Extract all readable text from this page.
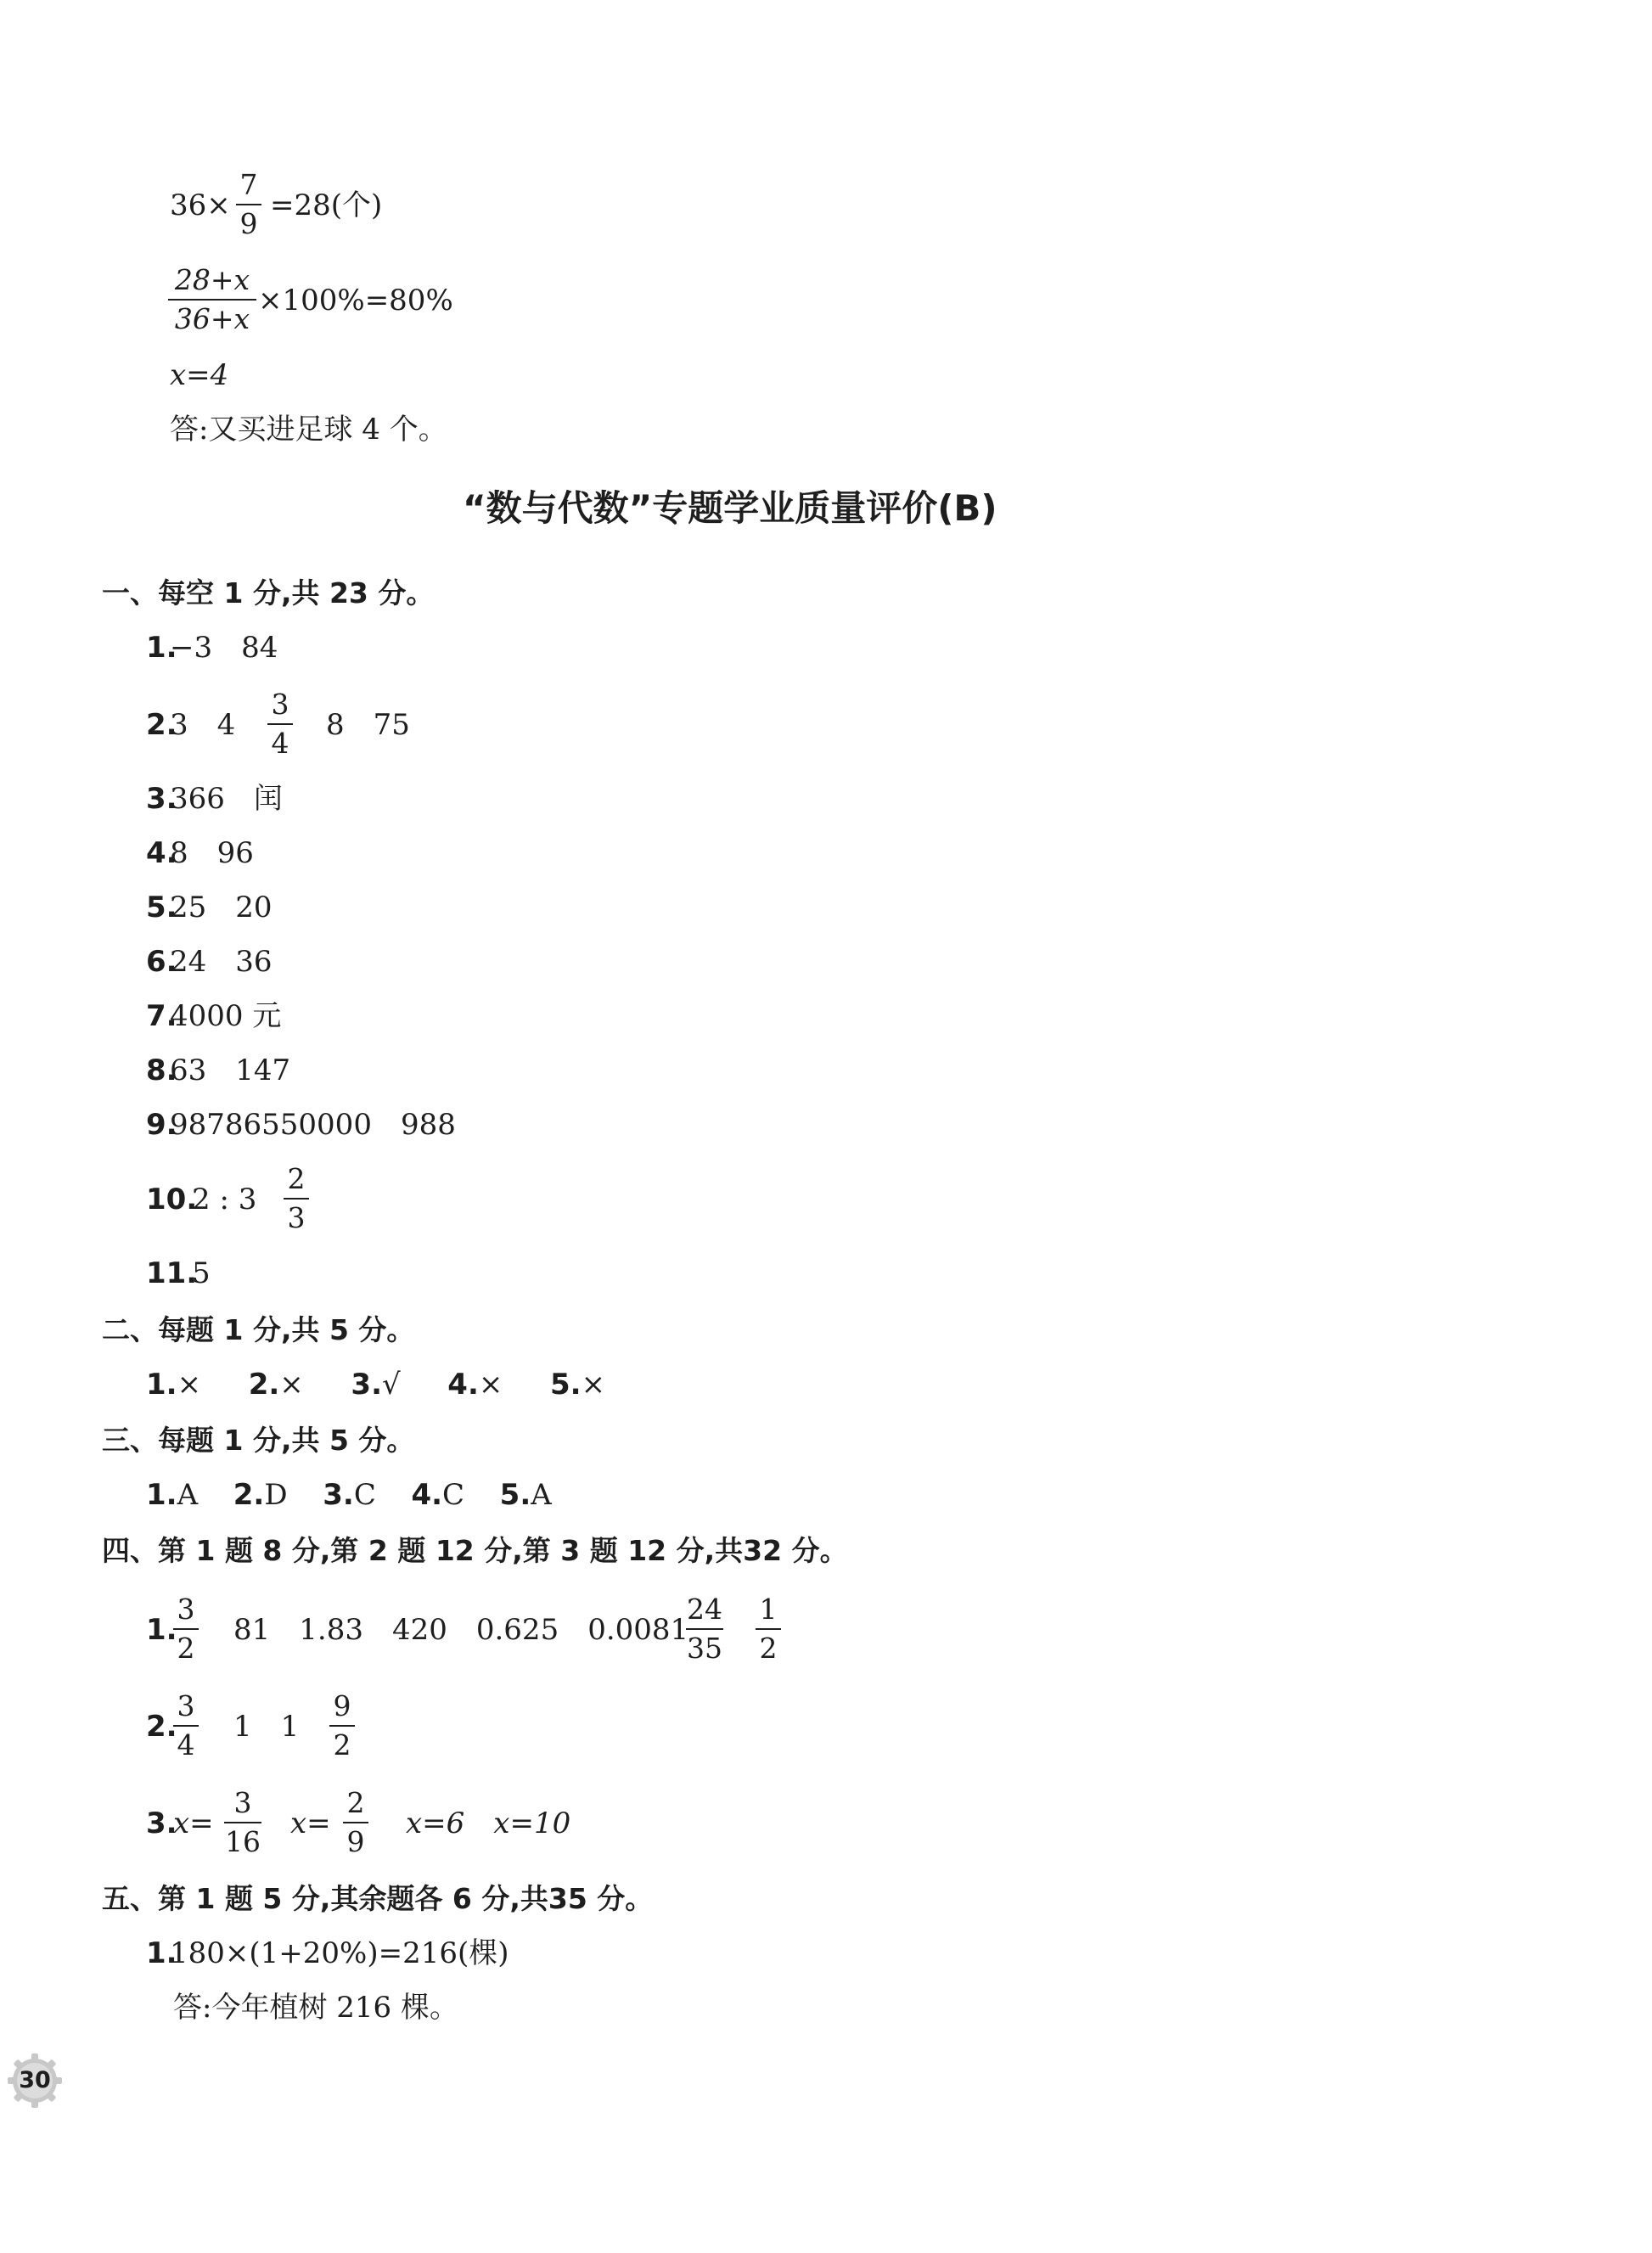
36×
7
9
=28(个)
28+x
36+x
×100%=80%
x=4
答:又买进足球 4 个。
“数与代数”专题学业质量评价(B)
一、每空 1 分,共 23 分。
1.
−3　84
2.
3　4
3
4
8　75
3.
366　闰
4.
8　96
5.
25　20
6.
24　36
7.
4000 元
8.
63　147
9.
98786550000　988
10.
2 : 3
2
3
11.
5
二、每题 1 分,共 5 分。
1.× 2.× 3.√ 4.× 5.×
三、每题 1 分,共 5 分。
1.A 2.D 3.C 4.C 5.A
四、第 1 题 8 分,第 2 题 12 分,第 3 题 12 分,共32 分。
1.
3
2
81　1.83　420　0.625　0.0081
24
35
1
2
2.
3
4
1　1
9
2
3.
x=
3
16
x=
2
9
x=6　x=10
五、第 1 题 5 分,其余题各 6 分,共35 分。
1.
180×(1+20%)=216(棵)
答:今年植树 216 棵。
30
